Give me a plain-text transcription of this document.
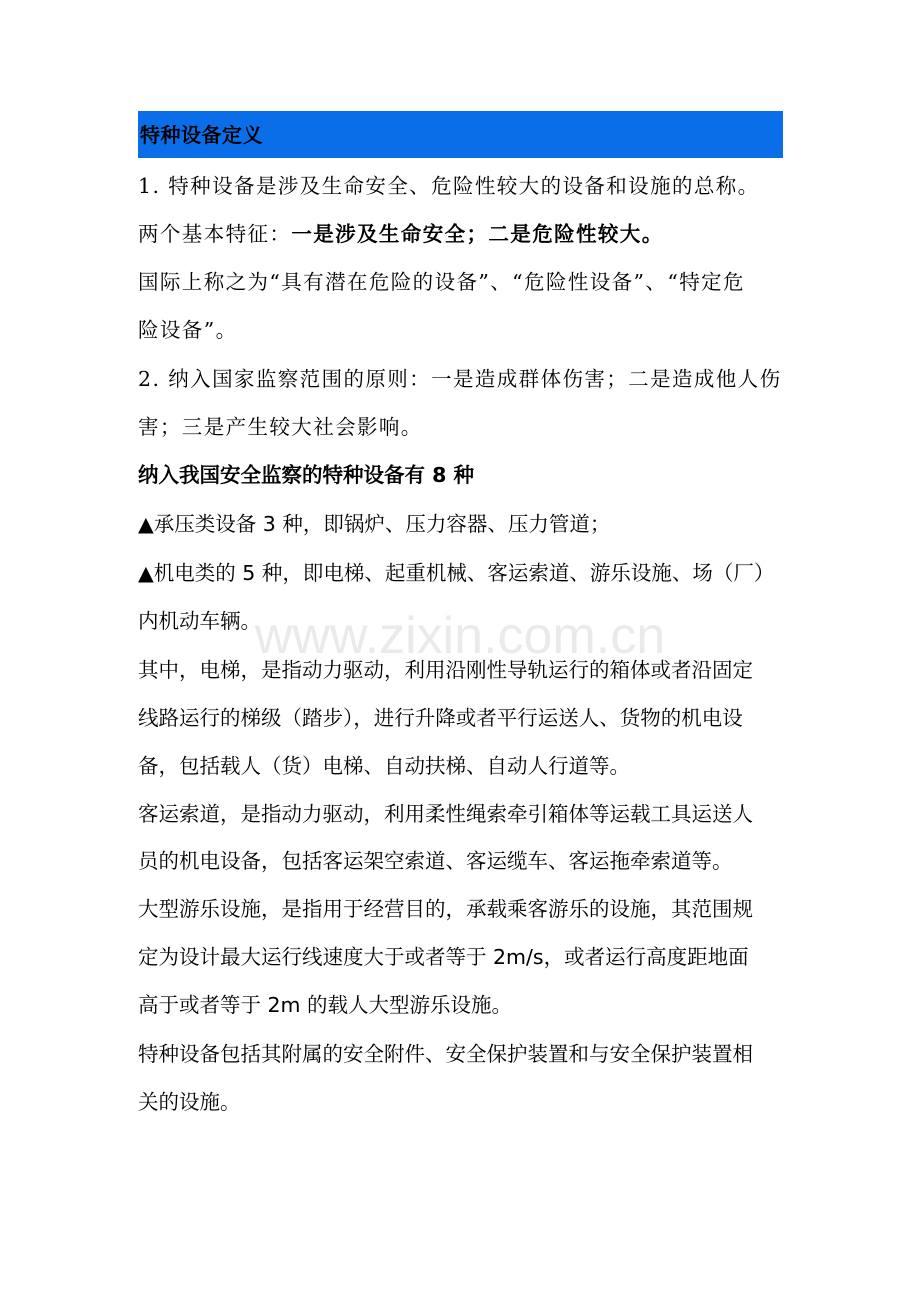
特种设备定义
1. 特种设备是涉及生命安全、危险性较大的设备和设施的总称。
两个基本特征：一是涉及生命安全；二是危险性较大。
国际上称之为“具有潜在危险的设备”、“危险性设备”、“特定危
险设备”。
2. 纳入国家监察范围的原则：一是造成群体伤害；二是造成他人伤
害；三是产生较大社会影响。
纳入我国安全监察的特种设备有 8 种
▲承压类设备 3 种，即锅炉、压力容器、压力管道；
▲机电类的 5 种，即电梯、起重机械、客运索道、游乐设施、场（厂）
内机动车辆。
其中，电梯，是指动力驱动，利用沿刚性导轨运行的箱体或者沿固定
线路运行的梯级（踏步），进行升降或者平行运送人、货物的机电设
备，包括载人（货）电梯、自动扶梯、自动人行道等。
客运索道，是指动力驱动，利用柔性绳索牵引箱体等运载工具运送人
员的机电设备，包括客运架空索道、客运缆车、客运拖牵索道等。
大型游乐设施，是指用于经营目的，承载乘客游乐的设施，其范围规
定为设计最大运行线速度大于或者等于 2m/s，或者运行高度距地面
高于或者等于 2m 的载人大型游乐设施。
特种设备包括其附属的安全附件、安全保护装置和与安全保护装置相
关的设施。
www.zixin.com.cn
